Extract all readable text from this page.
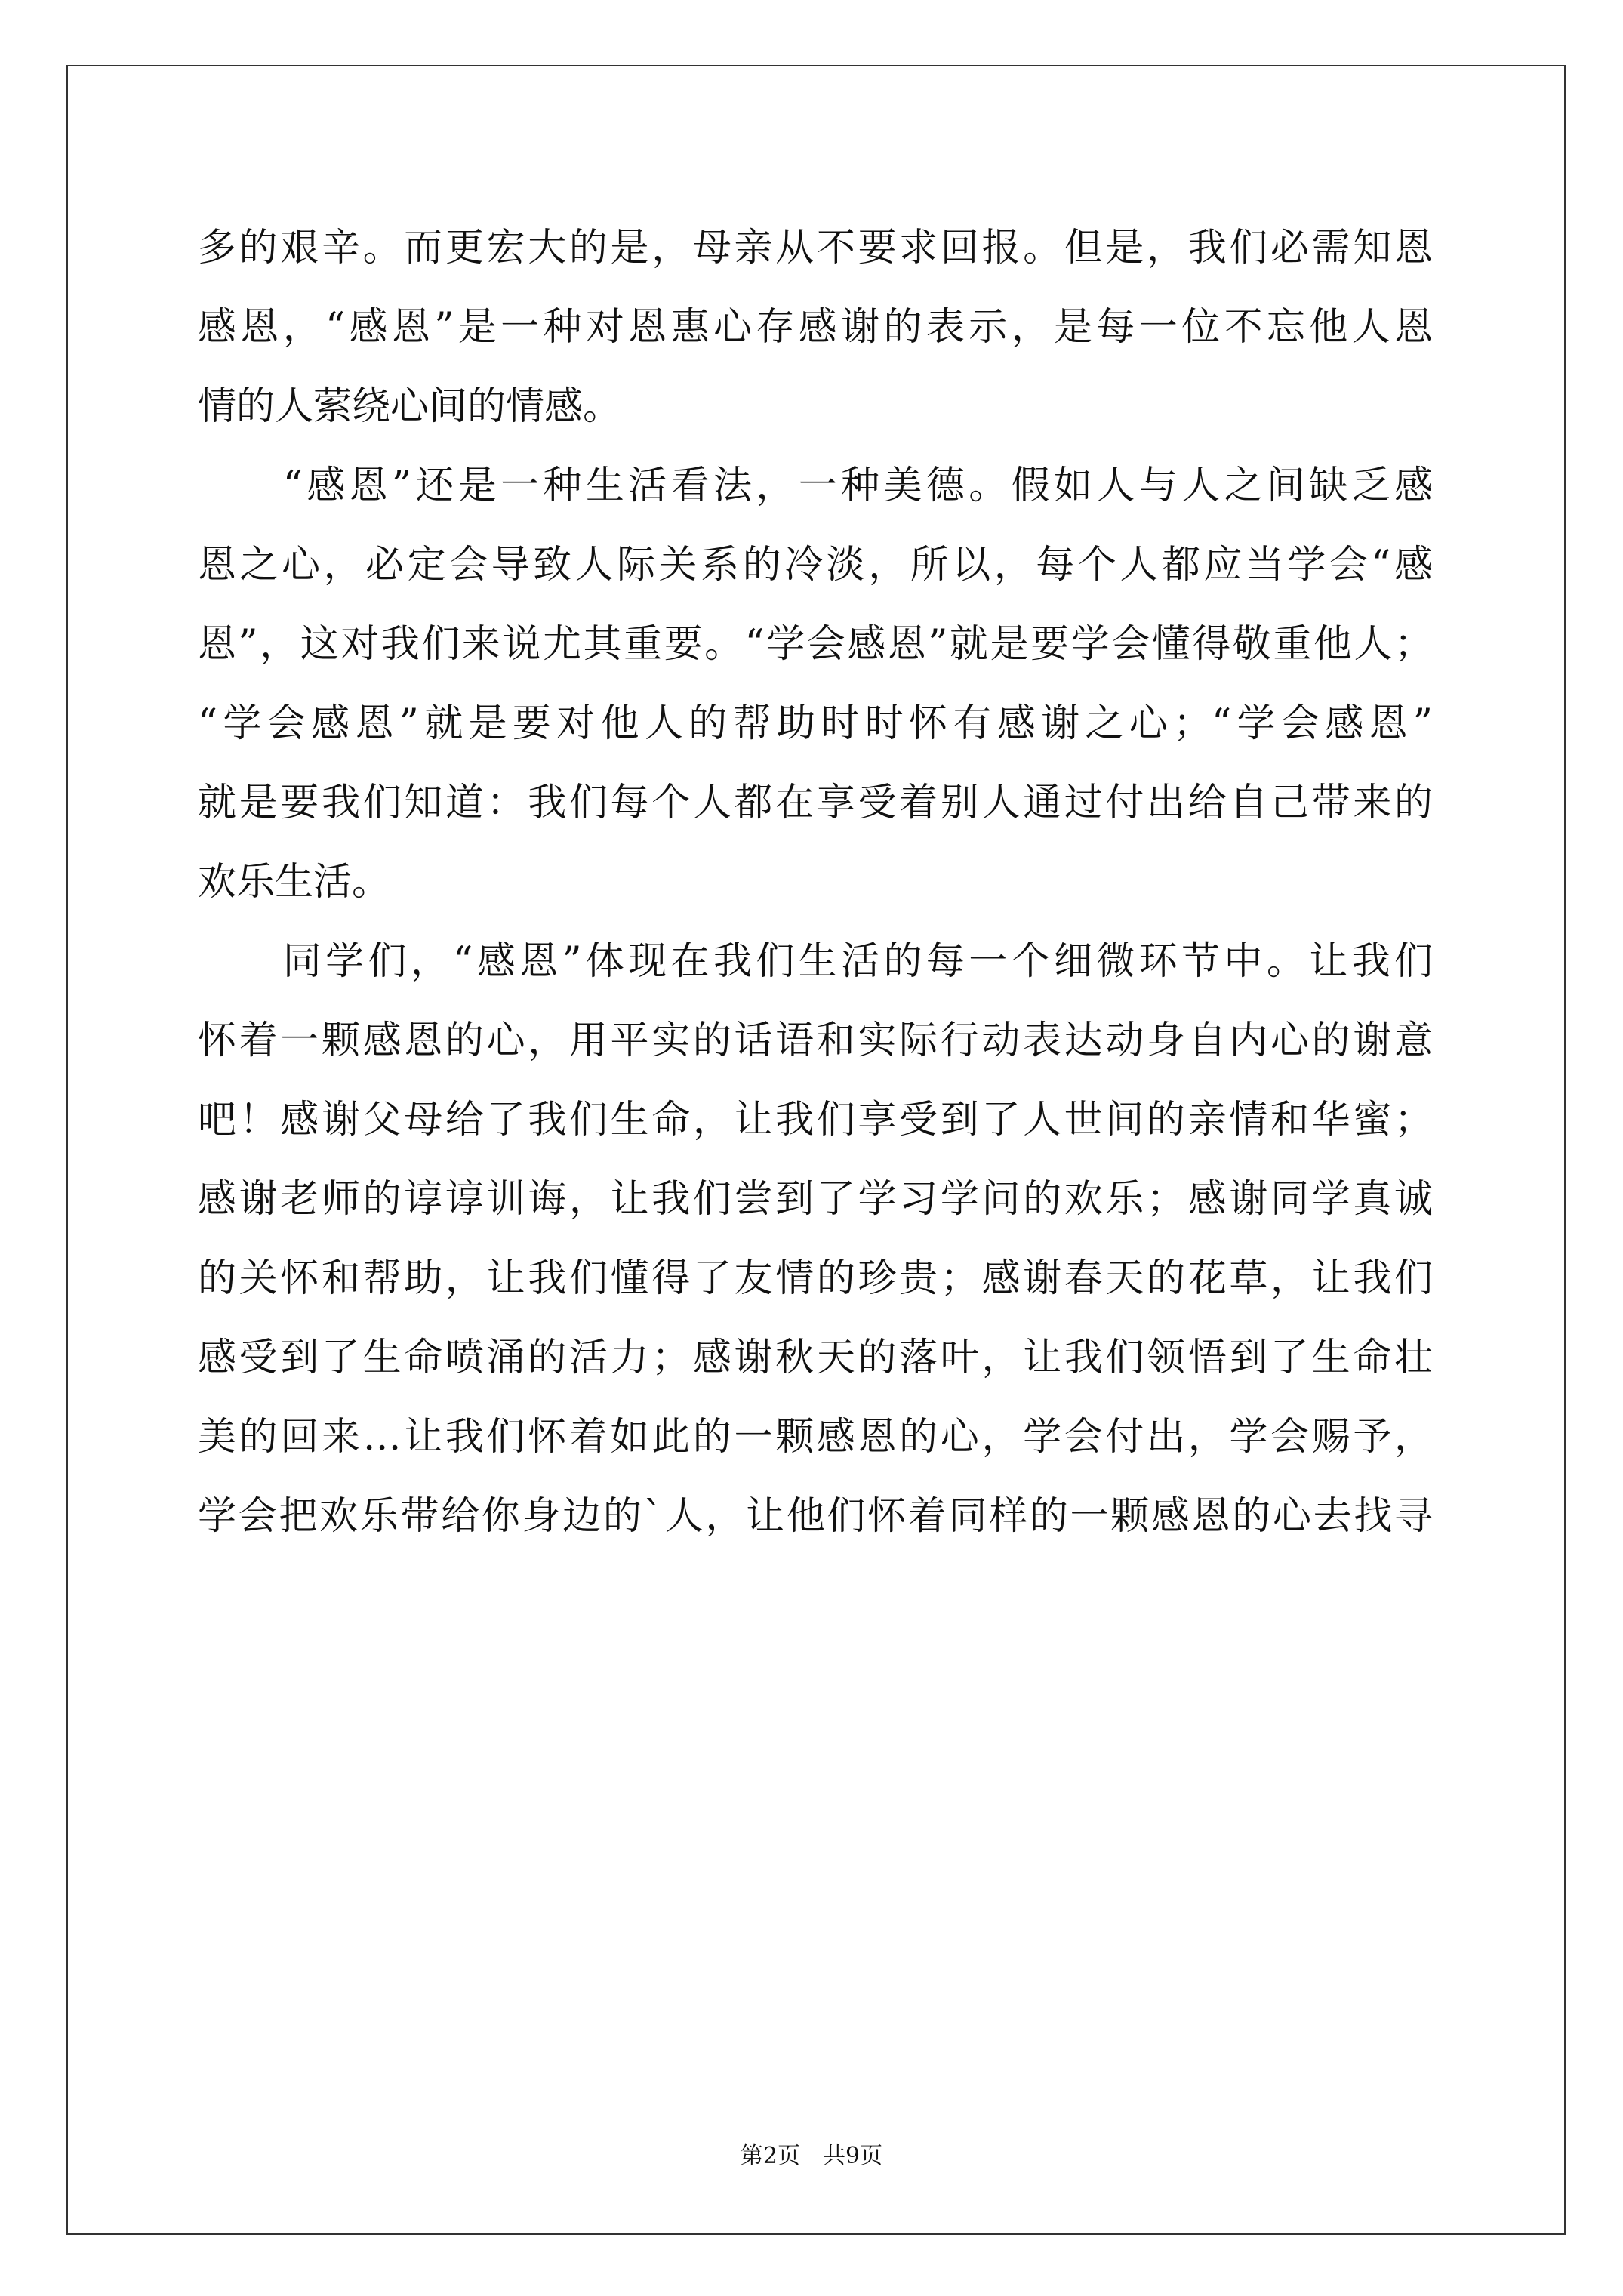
多的艰辛。而更宏大的是，母亲从不要求回报。但是，我们必需知恩
感恩，“感恩”是一种对恩惠心存感谢的表示，是每一位不忘他人恩
情的人萦绕心间的情感。
　　“感恩”还是一种生活看法，一种美德。假如人与人之间缺乏感
恩之心，必定会导致人际关系的冷淡，所以，每个人都应当学会“感
恩”，这对我们来说尤其重要。“学会感恩”就是要学会懂得敬重他人；
“学会感恩”就是要对他人的帮助时时怀有感谢之心；“学会感恩”
就是要我们知道：我们每个人都在享受着别人通过付出给自己带来的
欢乐生活。
　　同学们，“感恩”体现在我们生活的每一个细微环节中。让我们
怀着一颗感恩的心，用平实的话语和实际行动表达动身自内心的谢意
吧！感谢父母给了我们生命，让我们享受到了人世间的亲情和华蜜；
感谢老师的谆谆训诲，让我们尝到了学习学问的欢乐；感谢同学真诚
的关怀和帮助，让我们懂得了友情的珍贵；感谢春天的花草，让我们
感受到了生命喷涌的活力；感谢秋天的落叶，让我们领悟到了生命壮
美的回来…让我们怀着如此的一颗感恩的心，学会付出，学会赐予，
学会把欢乐带给你身边的`人，让他们怀着同样的一颗感恩的心去找寻
第2页　共9页
